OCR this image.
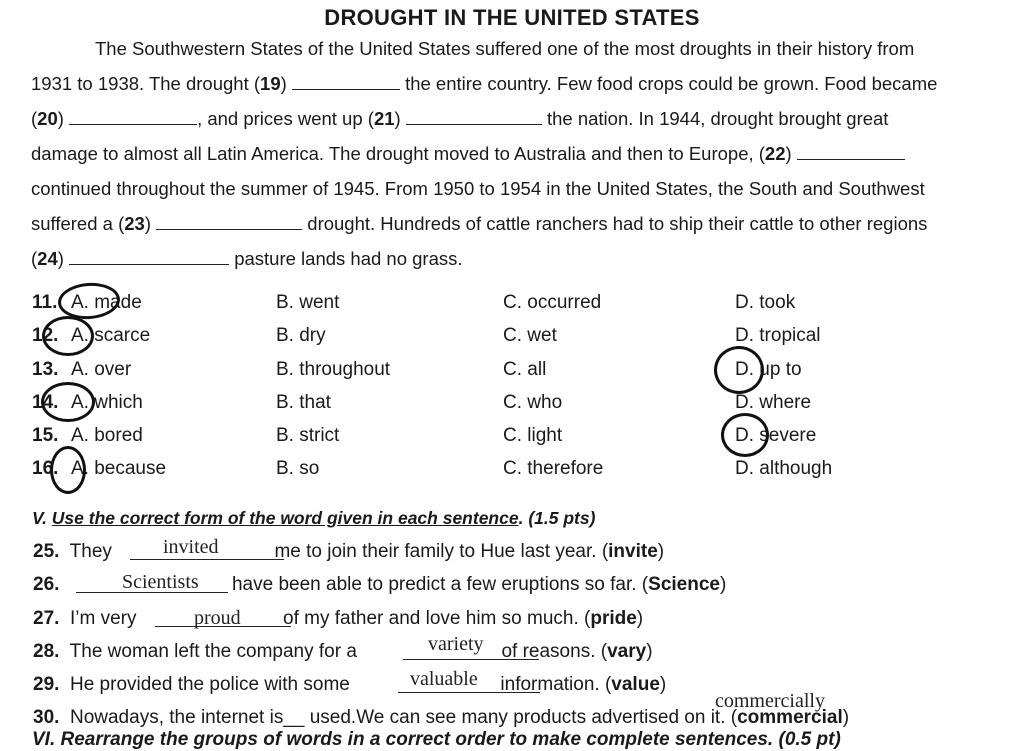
DROUGHT IN THE UNITED STATES
The Southwestern States of the United States suffered one of the most droughts in their history from
1931 to 1938. The drought (19)	the entire country. Few food crops could be grown. Food became
(20)	, and prices went up (21)	the nation. In 1944, drought brought great
damage to almost all Latin America. The drought moved to Australia and then to Europe, (22)
continued throughout the summer of 1945. From 1950 to 1954 in the United States, the South and Southwest
suffered a (23)	drought. Hundreds of cattle ranchers had to ship their cattle to other regions
(24)	pasture lands had no grass.
11. A. made	B. went	C. occurred	D. took
12. A. scarce	B. dry	C. wet	D. tropical
13. A. over	B. throughout	C. all	D. up to
14. A. which	B. that	C. who	D. where
15. A. bored	B. strict	C. light	D. severe
16. A. because	B. so	C. therefore	D. although
V. Use the correct form of the word given in each sentence. (1.5 pts)
25. They	me to join their family to Hue last year. (invite)
invited
26.	have been able to predict a few eruptions so far. (Science)
Scientists
27. I’m very	of my father and love him so much. (pride)
proud
28. The woman left the company for a	of reasons. (vary)
variety
29. He provided the police with some	information. (value)
valuable
30. Nowadays, the internet is__ used.We can see many products advertised on it. (commercial)
commercially
VI. Rearrange the groups of words in a correct order to make complete sentences. (0.5 pt)
